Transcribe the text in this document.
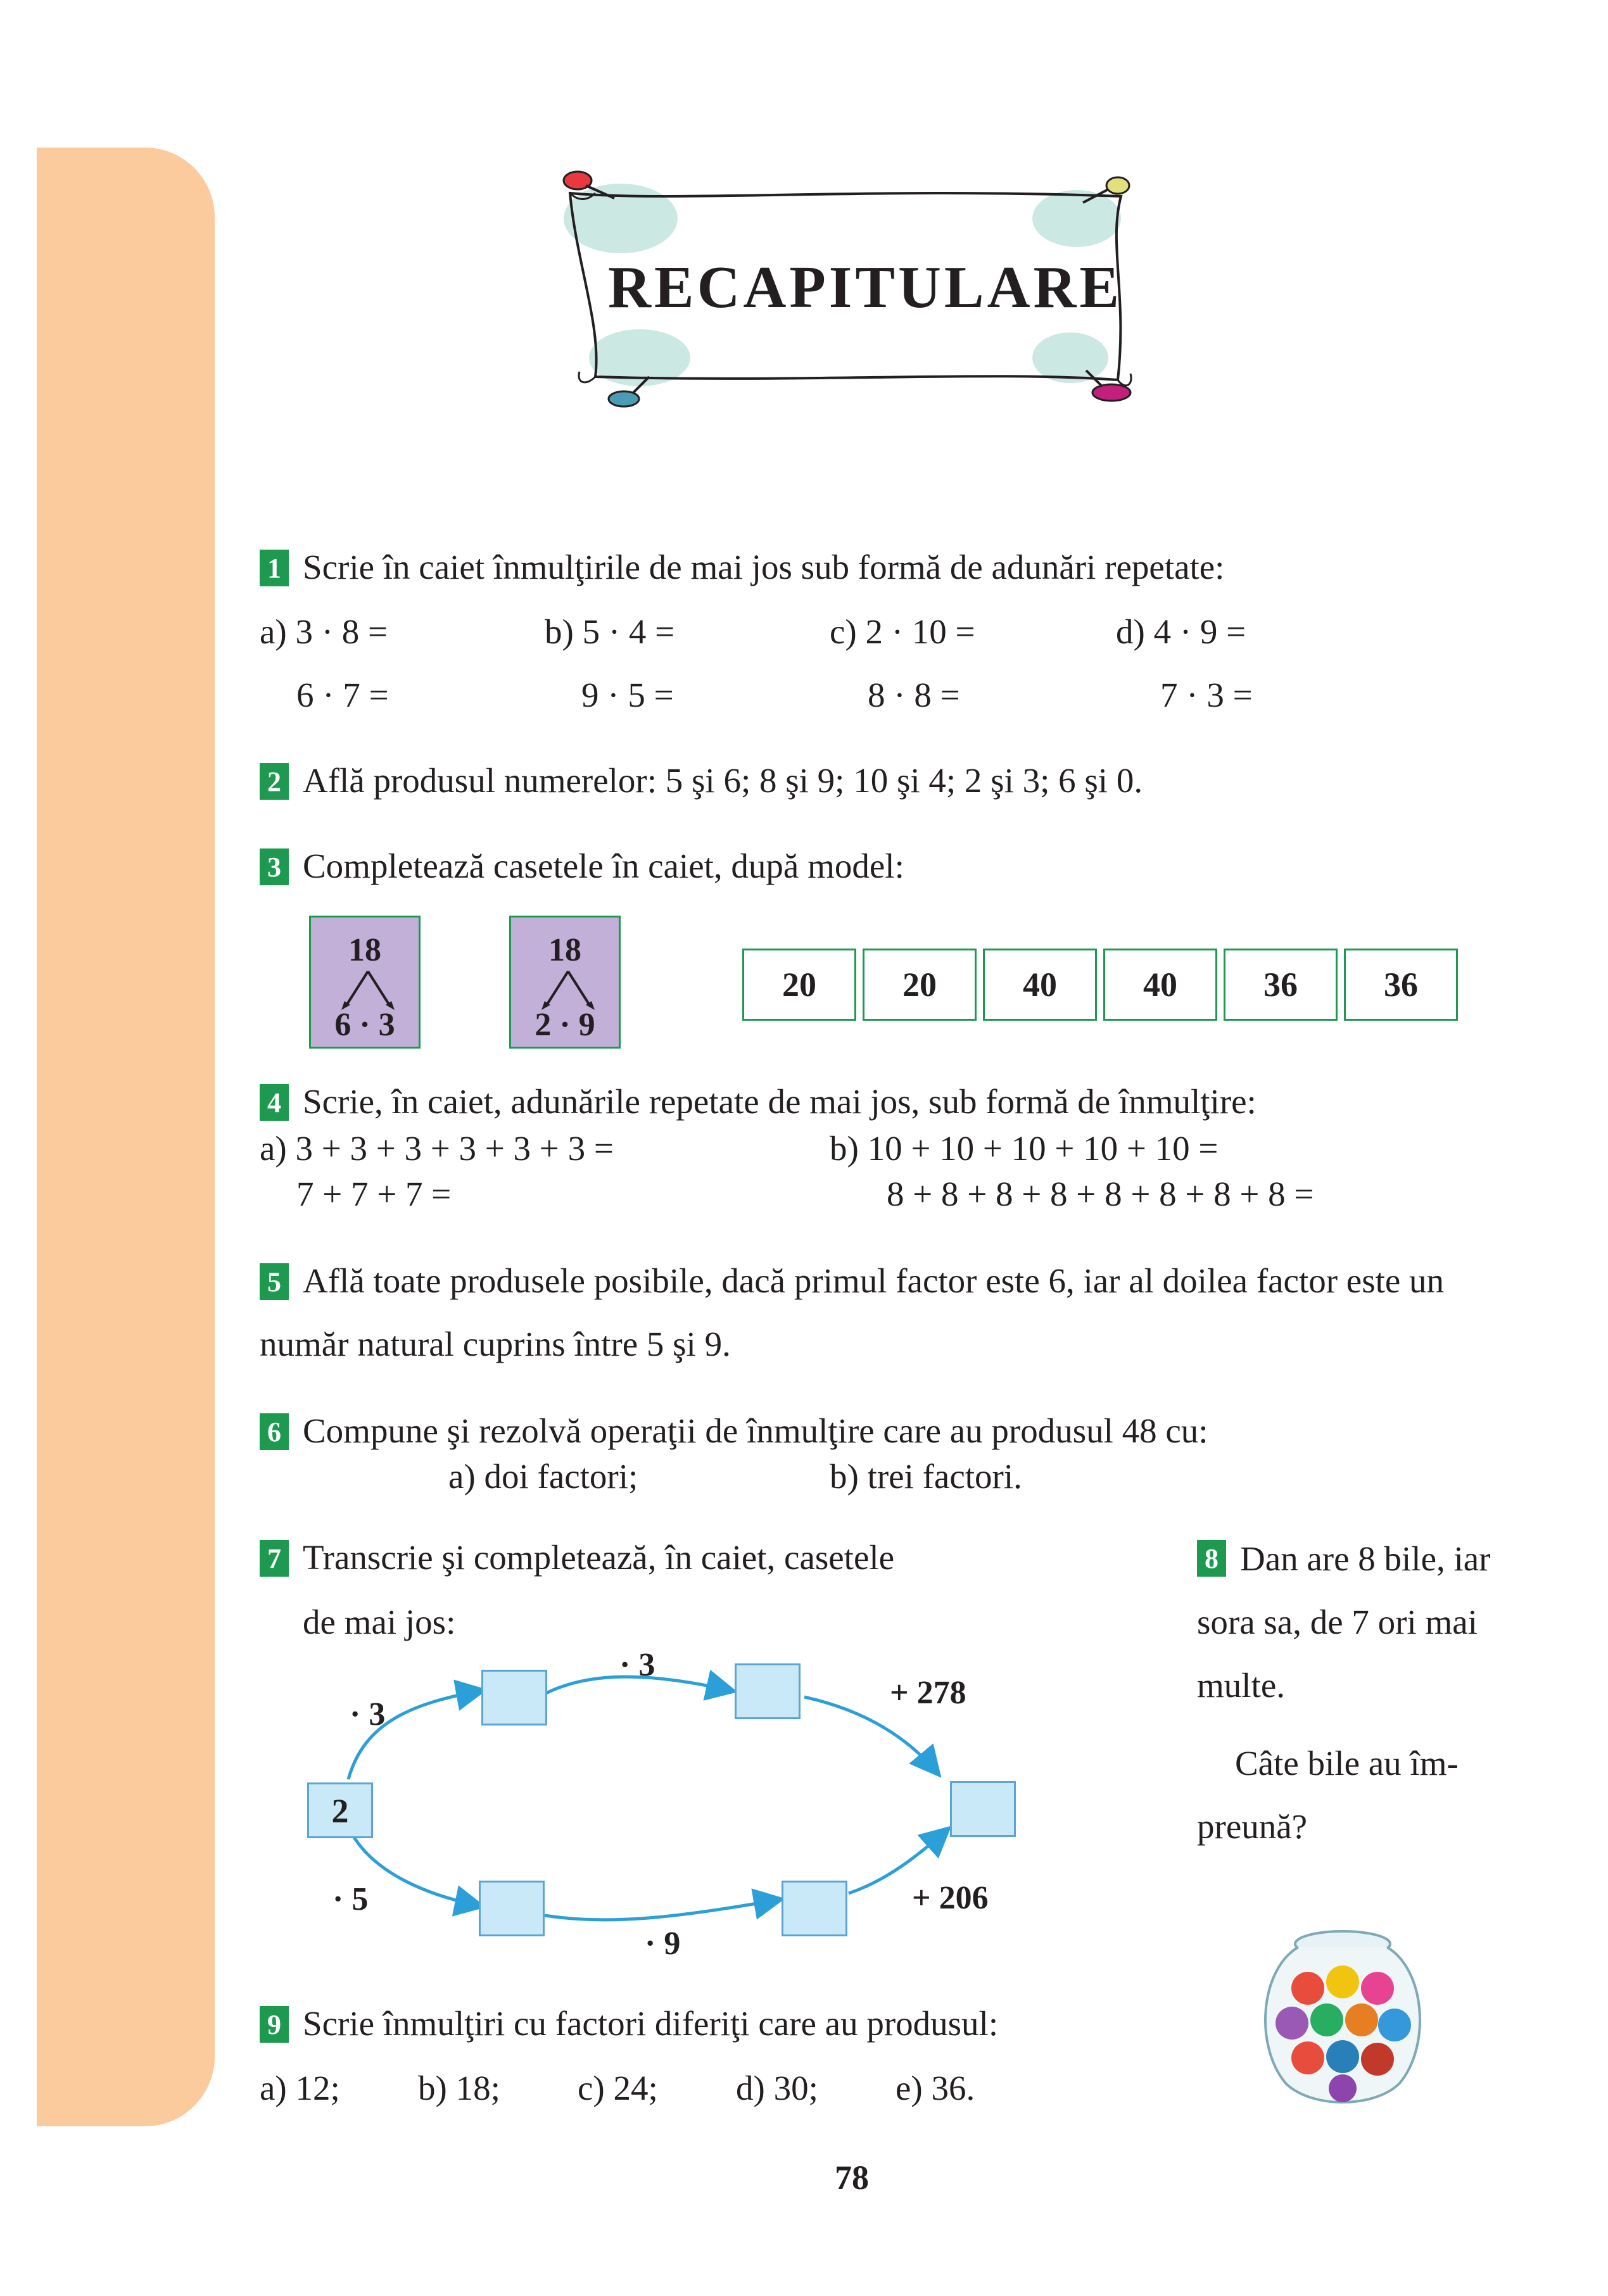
RECAPITULARE
1 Scrie în caiet înmulţirile de mai jos sub formă de adunări repetate:
a) 3 · 8 =	b) 5 · 4 =	c) 2 · 10 =	d) 4 · 9 =
6 · 7 =	9 · 5 =	8 · 8 =	7 · 3 =
2 Află produsul numerelor: 5 şi 6; 8 şi 9; 10 şi 4; 2 şi 3; 6 şi 0.
3 Completează casetele în caiet, după model:
18
6 · 3
18
2 · 9
20	20	40	40	36	36
4 Scrie, în caiet, adunările repetate de mai jos, sub formă de înmulţire:
a) 3 + 3 + 3 + 3 + 3 + 3 =
7 + 7 + 7 =
b) 10 + 10 + 10 + 10 + 10 =
8 + 8 + 8 + 8 + 8 + 8 + 8 + 8 =
5 Află toate produsele posibile, dacă primul factor este 6, iar al doilea factor este un
număr natural cuprins între 5 şi 9.
6 Compune şi rezolvă operaţii de înmulţire care au produsul 48 cu:
a) doi factori;	b) trei factori.
7 Transcrie şi completează, în caiet, casetele
de mai jos:
2
· 3
· 3
+ 278
· 5
· 9
+ 206
8 Dan are 8 bile, iar
sora sa, de 7 ori mai
multe.
Câte bile au îm-
preună?
9 Scrie înmulţiri cu factori diferiţi care au produsul:
a) 12; b) 18; c) 24; d) 30; e) 36.
78
